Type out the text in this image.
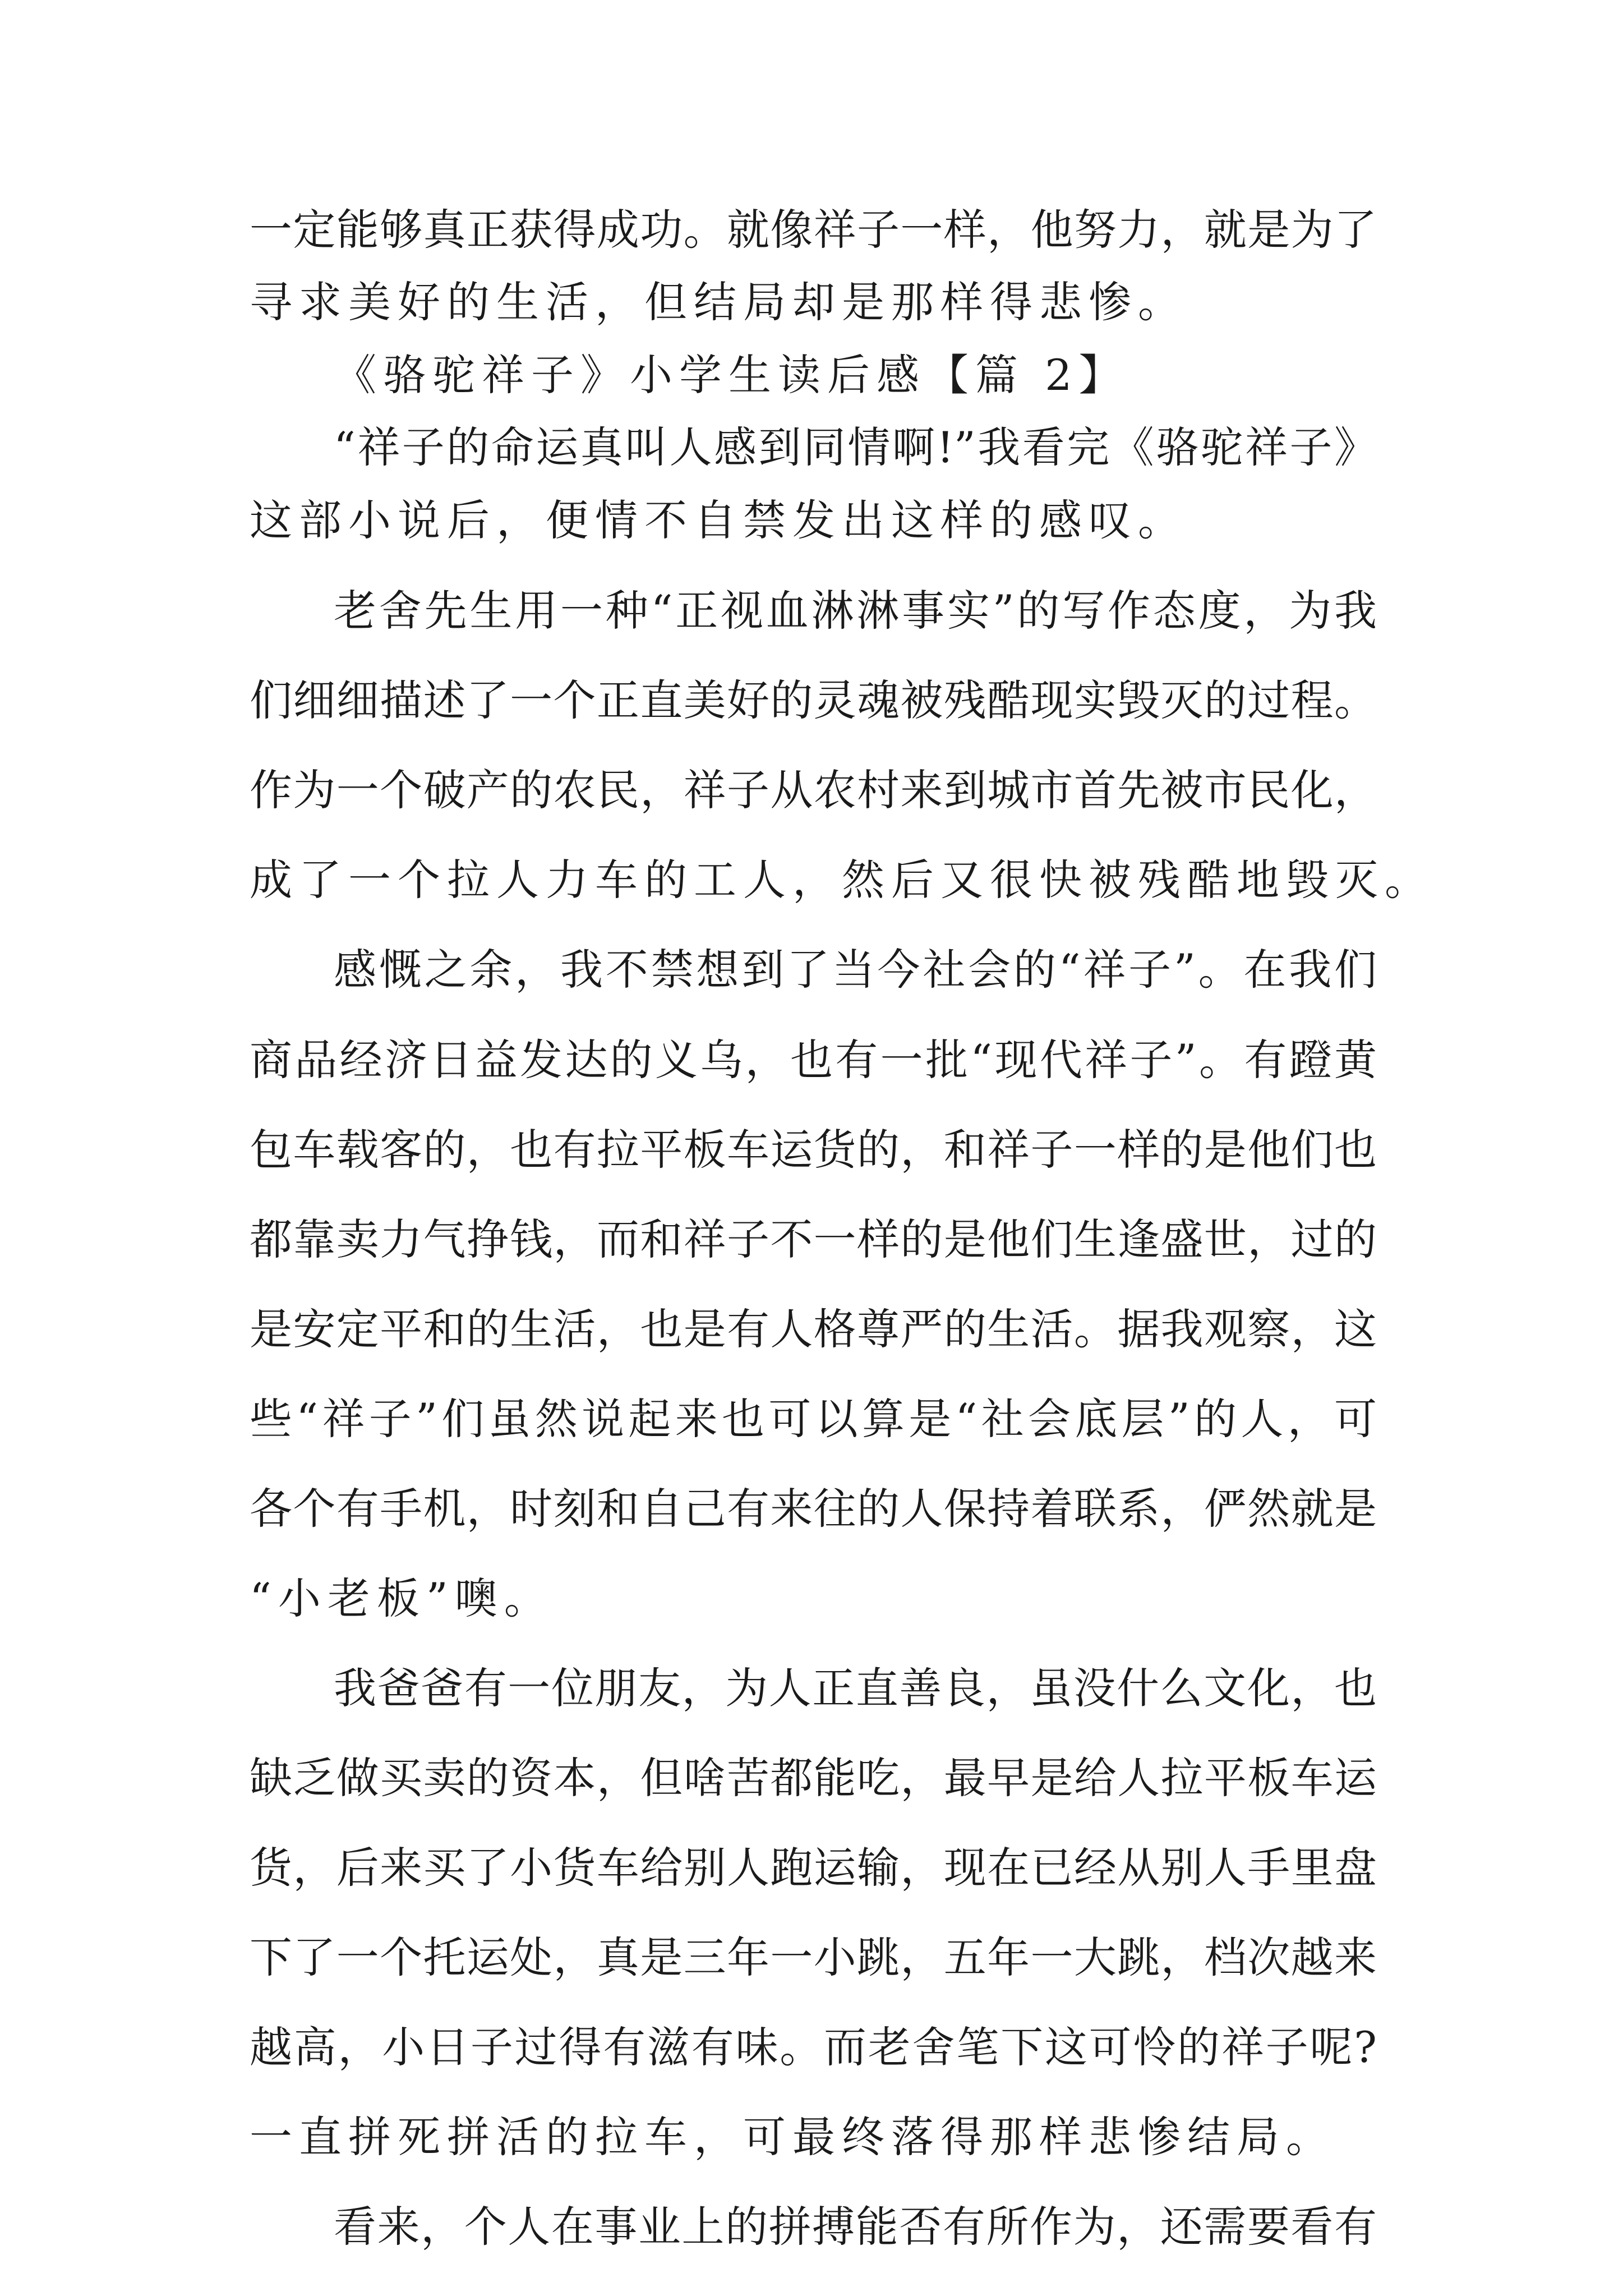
一定能够真正获得成功。就像祥子一样，他努力，就是为了
寻求美好的生活，但结局却是那样得悲惨。
《骆驼祥子》小学生读后感【篇 2】
“祥子的命运真叫人感到同情啊!”我看完《骆驼祥子》
这部小说后，便情不自禁发出这样的感叹。
老舍先生用一种“正视血淋淋事实”的写作态度，为我
们细细描述了一个正直美好的灵魂被残酷现实毁灭的过程。
作为一个破产的农民，祥子从农村来到城市首先被市民化，
成了一个拉人力车的工人，然后又很快被残酷地毁灭。
感慨之余，我不禁想到了当今社会的“祥子”。在我们
商品经济日益发达的义乌，也有一批“现代祥子”。有蹬黄
包车载客的，也有拉平板车运货的，和祥子一样的是他们也
都靠卖力气挣钱，而和祥子不一样的是他们生逢盛世，过的
是安定平和的生活，也是有人格尊严的生活。据我观察，这
些“祥子”们虽然说起来也可以算是“社会底层”的人，可
各个有手机，时刻和自己有来往的人保持着联系，俨然就是
“小老板”噢。
我爸爸有一位朋友，为人正直善良，虽没什么文化，也
缺乏做买卖的资本，但啥苦都能吃，最早是给人拉平板车运
货，后来买了小货车给别人跑运输，现在已经从别人手里盘
下了一个托运处，真是三年一小跳，五年一大跳，档次越来
越高，小日子过得有滋有味。而老舍笔下这可怜的祥子呢?
一直拼死拼活的拉车，可最终落得那样悲惨结局。
看来，个人在事业上的拼搏能否有所作为，还需要看有
